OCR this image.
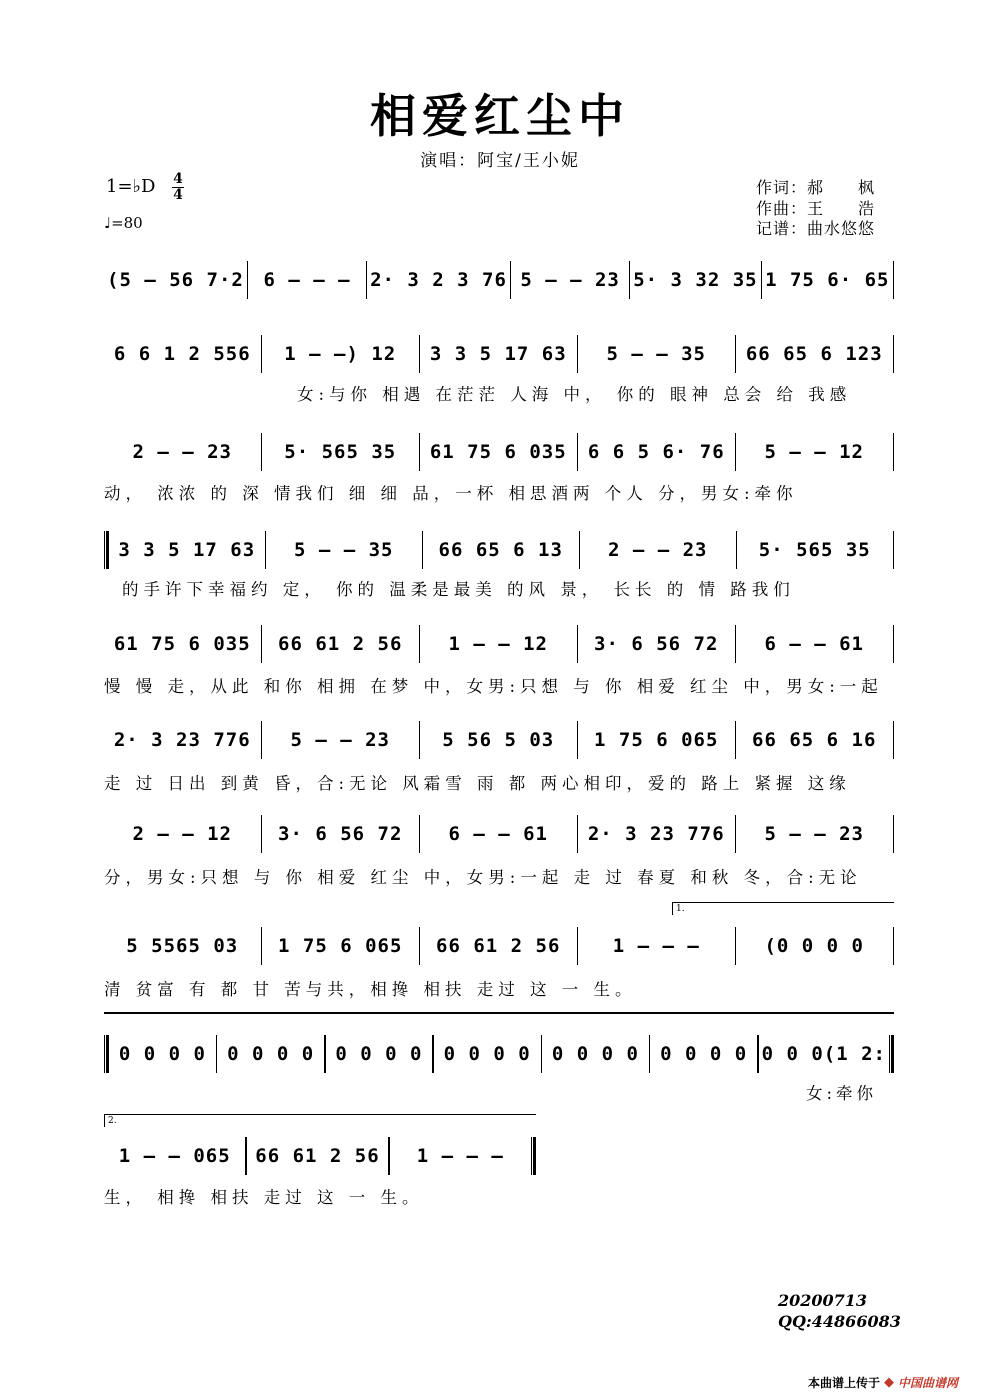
相爱红尘中
演唱：阿宝/王小妮
1=♭D 4
4
♩=80
作词：郝　　枫
作曲：王　　浩
记谱：曲水悠悠
(5 – 56 7·2	6 – – –	2· 3 2 3 76 5 – – 23 5· 3 32 35 1 75 6· 65
6 6 1 2 556	1 – –) 12	3 3 5 17 63	5 – – 35	66 65 6 123
2 – – 23	5· 565 35	61 75 6 035	6 6 5 6· 76	5 – – 12
3 3 5 17 63	5 – – 35	66 65 6 13	2 – – 23	5· 565 35
61 75 6 035	66 61 2 56	1 – – 12	3· 6 56 72	6 – – 61
2· 3 23 776	5 – – 23	5 56 5 03	1 75 6 065	66 65 6 16
2 – – 12	3· 6 56 72	6 – – 61	2· 3 23 776	5 – – 23
5 5565 03	1 75 6 065	66 61 2 56	1 – – –	(0 0 0 0
0 0 0 0	0 0 0 0	0 0 0 0	0 0 0 0	0 0 0 0	0 0 0 0 0 0 0(1 2:
1 – – 065	66 61 2 56	1 – – –
女:与你 相遇 在茫茫 人海 中， 你的 眼神 总会 给 我感
动， 浓浓 的 深 情我们 细 细 品，一杯 相思酒两 个人 分，男女:牵你
的手许下幸福约 定， 你的 温柔是最美 的风 景， 长长 的 情 路我们
慢 慢 走，从此 和你 相拥 在梦 中，女男:只想 与 你 相爱 红尘 中，男女:一起
走 过 日出 到黄 昏，合:无论 风霜雪 雨 都 两心相印，爱的 路上 紧握 这缘
分，男女:只想 与 你 相爱 红尘 中，女男:一起 走 过 春夏 和秋 冬，合:无论
清 贫富 有 都 甘 苦与共，相搀 相扶 走过 这 一 生。
生， 相搀 相扶 走过 这 一 生。
1.
2.
女:牵你
20200713
QQ:44866083
本曲谱上传于 ◆ 中国曲谱网
